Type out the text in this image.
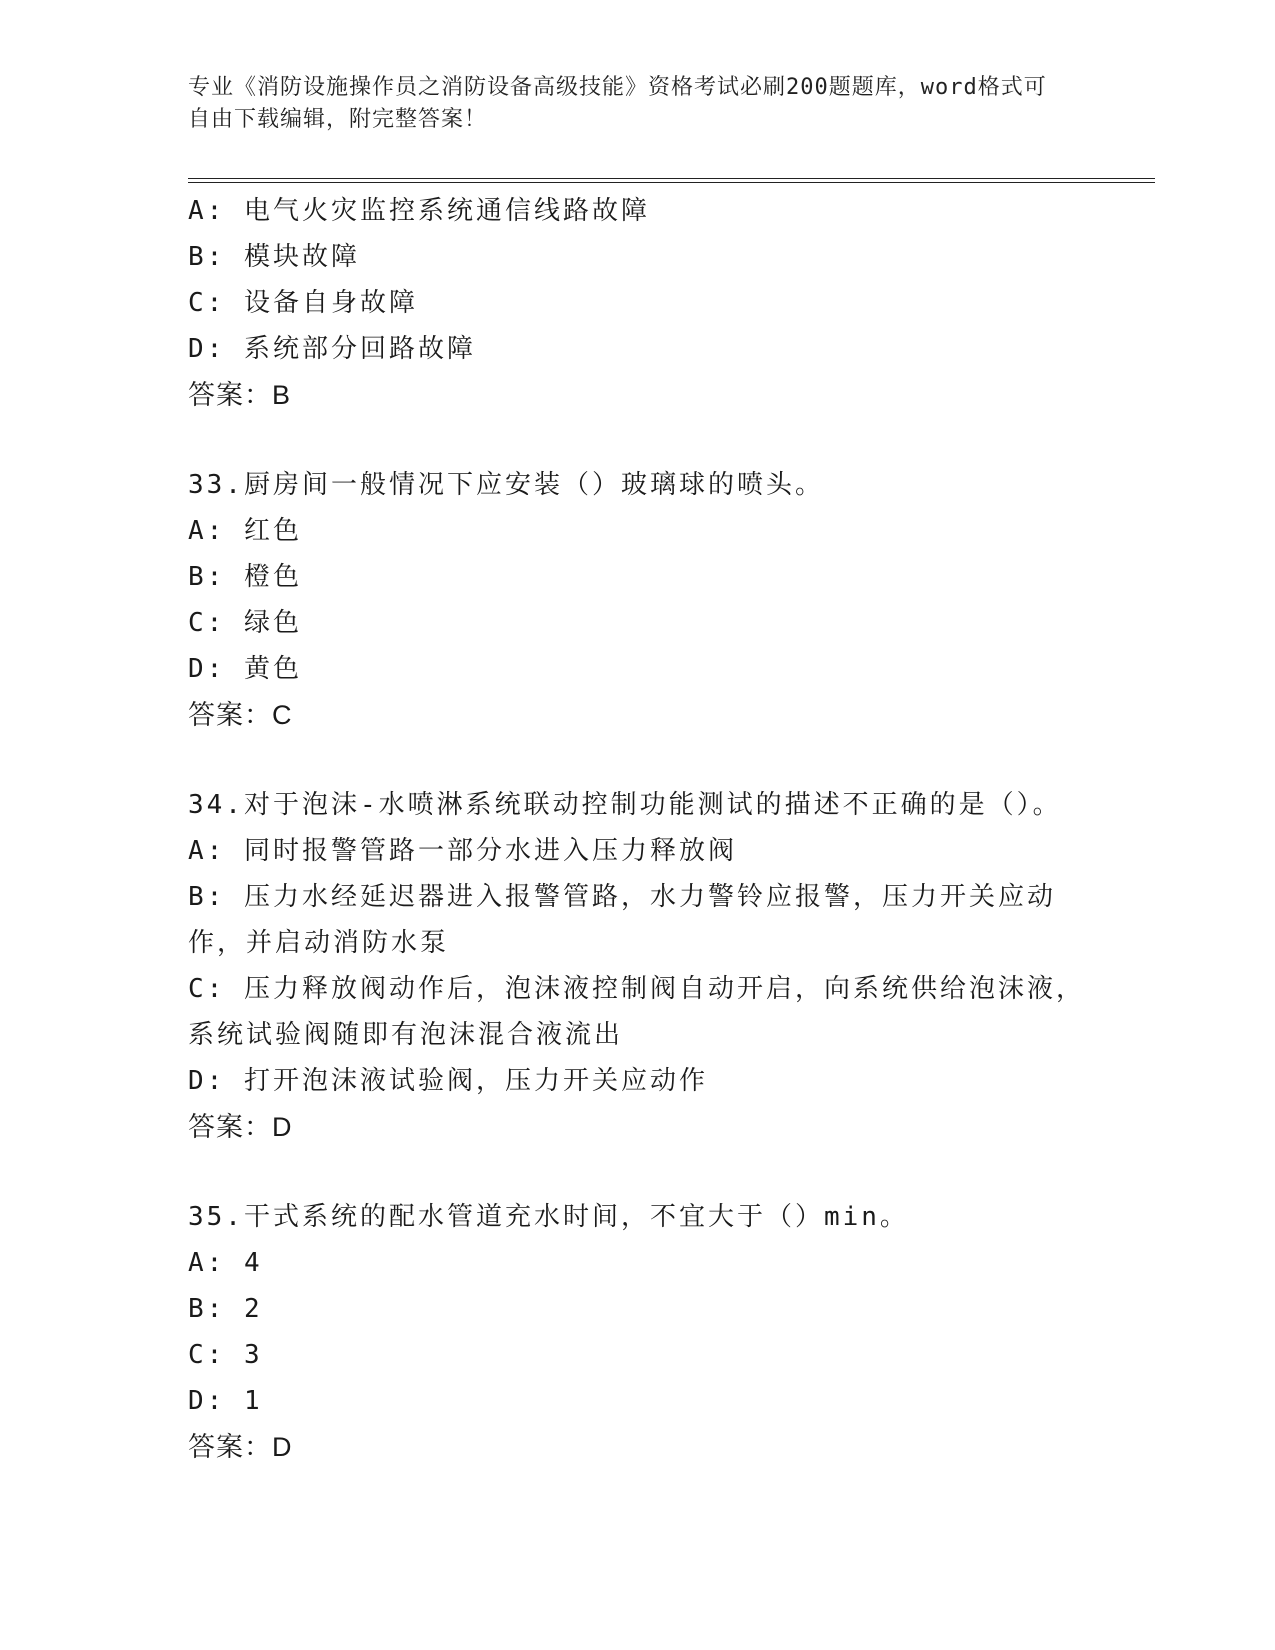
专业《消防设施操作员之消防设备高级技能》资格考试必刷200题题库，word格式可自由下载编辑，附完整答案！
A: 电气火灾监控系统通信线路故障
B: 模块故障
C: 设备自身故障
D: 系统部分回路故障
答案：B
33.厨房间一般情况下应安装（）玻璃球的喷头。
A: 红色
B: 橙色
C: 绿色
D: 黄色
答案：C
34.对于泡沫-水喷淋系统联动控制功能测试的描述不正确的是（）。
A: 同时报警管路一部分水进入压力释放阀
B: 压力水经延迟器进入报警管路，水力警铃应报警，压力开关应动作，并启动消防水泵
C: 压力释放阀动作后，泡沫液控制阀自动开启，向系统供给泡沫液，系统试验阀随即有泡沫混合液流出
D: 打开泡沫液试验阀，压力开关应动作
答案：D
35.干式系统的配水管道充水时间，不宜大于（）min。
A: 4
B: 2
C: 3
D: 1
答案：D
